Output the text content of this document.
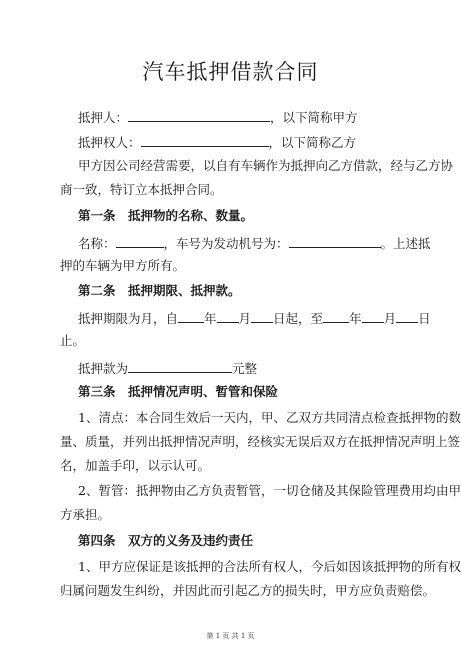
汽车抵押借款合同
抵押人：	，以下简称甲方
抵押权人：	，以下简称乙方
甲方因公司经营需要，以自有车辆作为抵押向乙方借款，经与乙方协
商一致，特订立本抵押合同。
第一条　抵押物的名称、数量。
名称：	，车号为发动机号为：	。上述抵
押的车辆为甲方所有。
第二条　抵押期限、抵押款。
抵押期限为月，自 年 月 日起，至 年 月 日
止。
抵押款为	元整
第三条　抵押情况声明、暂管和保险
1、清点：本合同生效后一天内，甲、乙双方共同清点检查抵押物的数
量、质量，并列出抵押情况声明，经核实无误后双方在抵押情况声明上签
名，加盖手印，以示认可。
2、暂管：抵押物由乙方负责暂管，一切仓储及其保险管理费用均由甲
方承担。
第四条　双方的义务及违约责任
1、甲方应保证是该抵押的合法所有权人，今后如因该抵押物的所有权
归属问题发生纠纷，并因此而引起乙方的损失时，甲方应负责赔偿。
第 1 页 共 1 页
